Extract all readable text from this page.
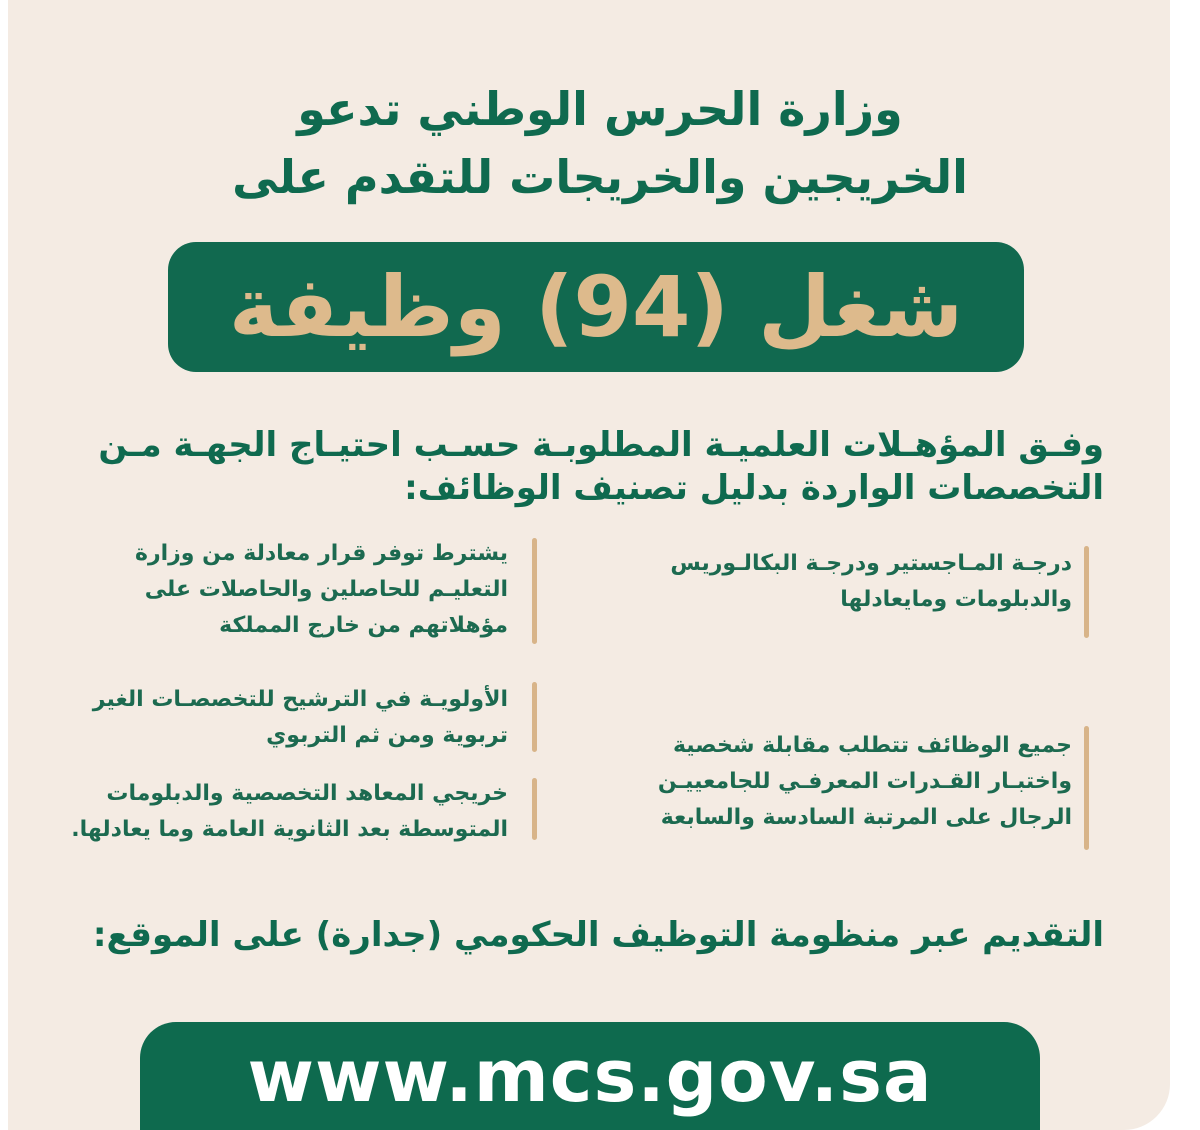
وزارة الحرس الوطني تدعو
الخريجين والخريجات للتقدم على
شغل (94) وظيفة
وفـق المؤهـلات العلميـة المطلوبـة حسـب احتيـاج الجهـة مـن
التخصصات الواردة بدليل تصنيف الوظائف:
درجـة المـاجستير ودرجـة البكالـوريس
والدبلومات ومايعادلها
جميع الوظائف تتطلب مقابلة شخصية
واختبـار القـدرات المعرفـي للجامعييـن
الرجال على المرتبة السادسة والسابعة
يشترط توفر قرار معادلة من وزارة
التعليـم للحاصلين والحاصلات على
مؤهلاتهم من خارج المملكة
الأولويـة في الترشيح للتخصصـات الغير
تربوية ومن ثم التربوي
خريجي المعاهد التخصصية والدبلومات
المتوسطة بعد الثانوية العامة وما يعادلها.
التقديم عبر منظومة التوظيف الحكومي (جدارة) على الموقع:
www.mcs.gov.sa
